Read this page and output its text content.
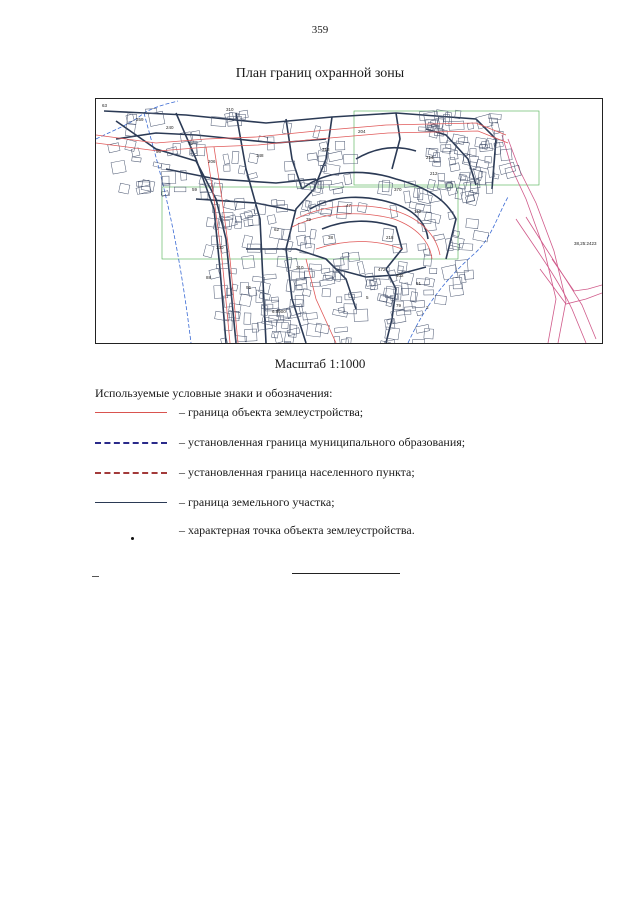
359
План границ охранной зоны
63
359
310
214
72
240
212
370
313
402
472
38
206
148
56
59
130
62
39
47
6:0000
38,25:2423
95
51
204
3
79
310
218
5
88
112
Масштаб 1:1000
Используемые условные знаки и обозначения:
– граница объекта землеустройства;
– установленная граница муниципального образования;
– установленная граница населенного пункта;
– граница земельного участка;
– характерная точка объекта землеустройства.
